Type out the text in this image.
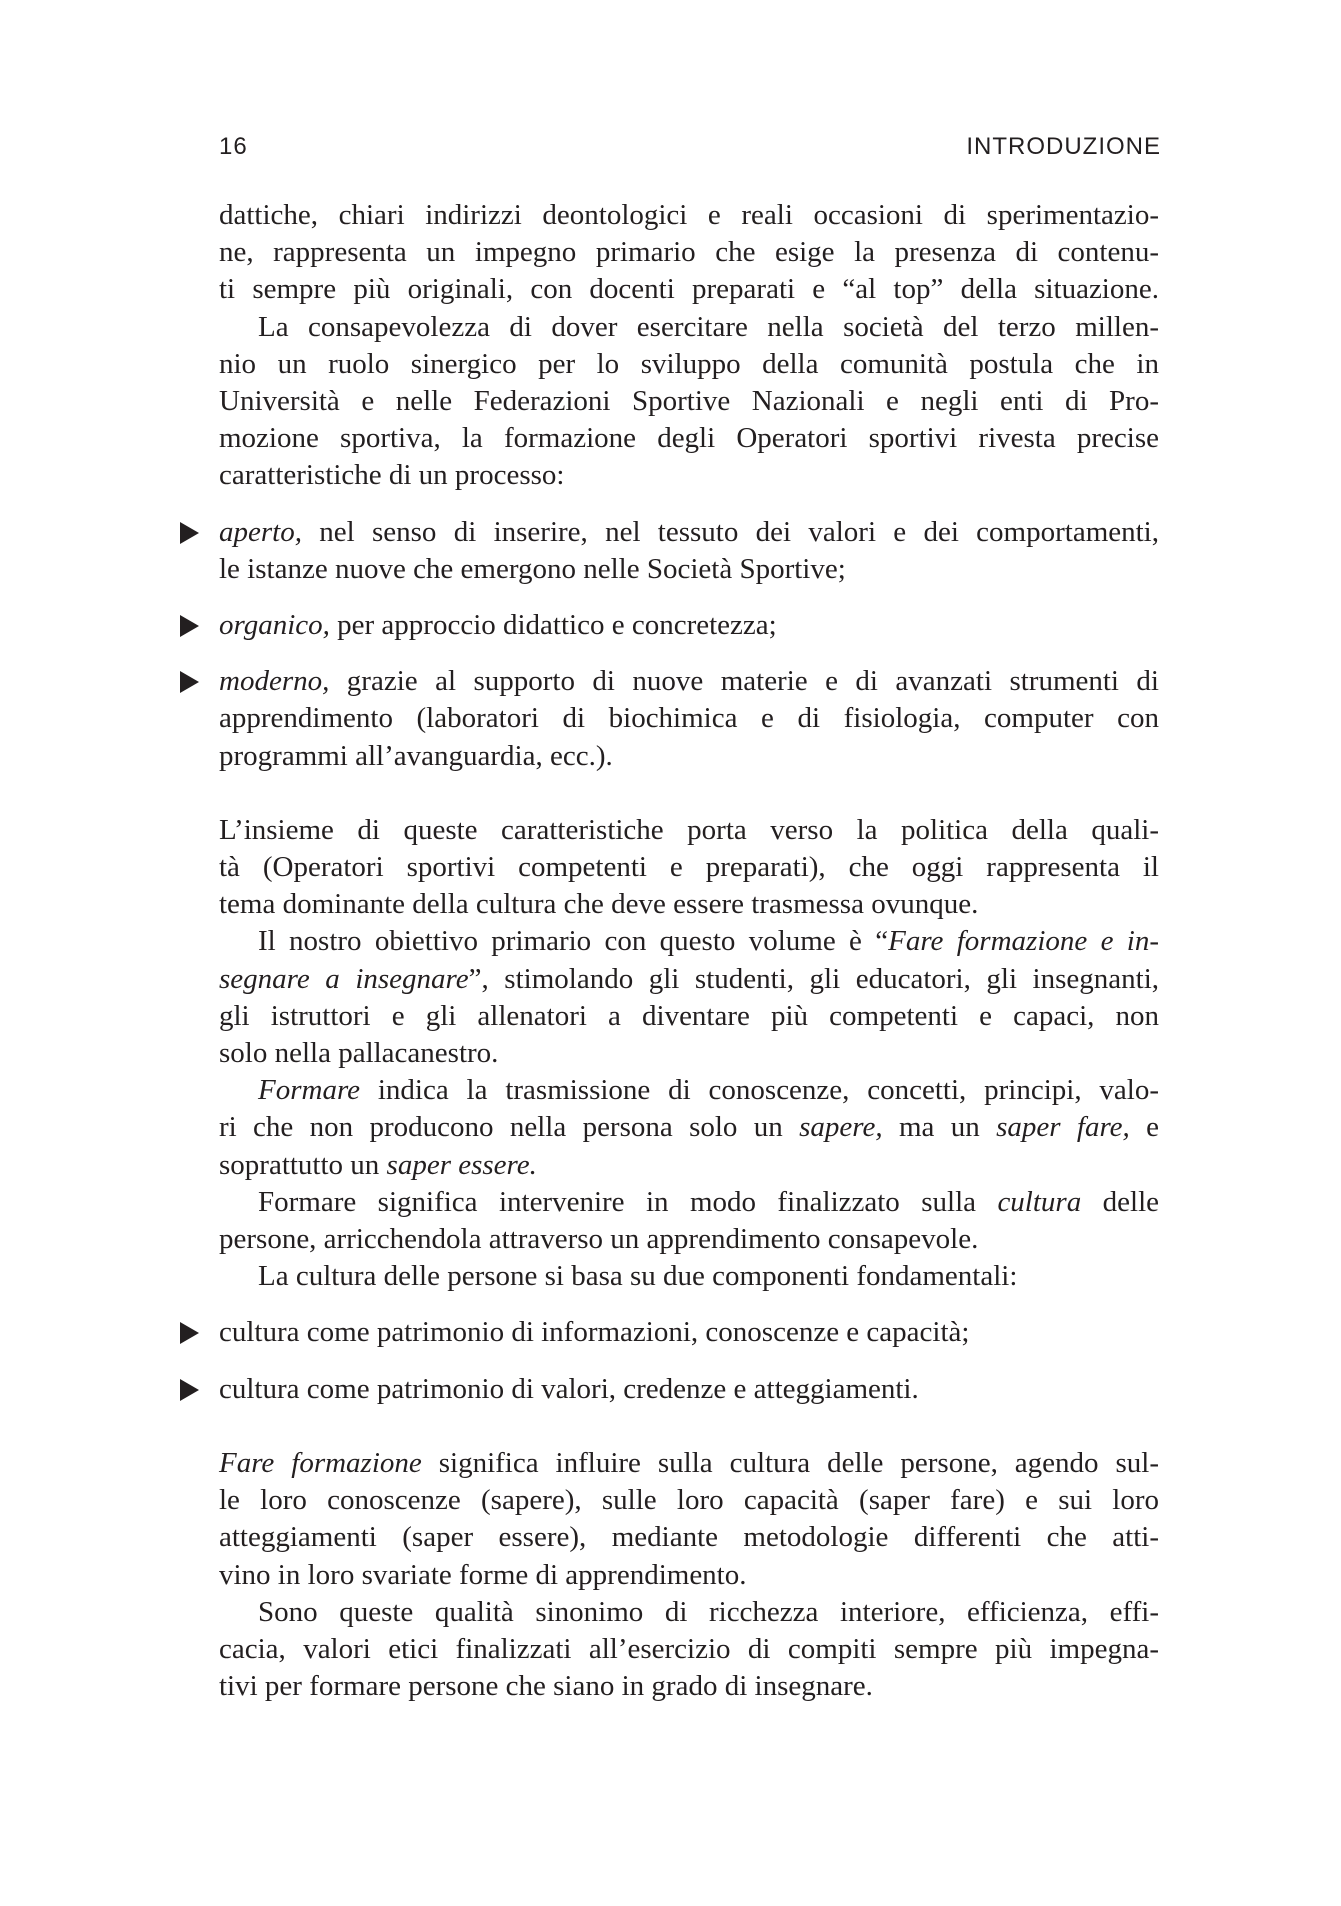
16	INTRODUZIONE

dattiche, chiari indirizzi deontologici e reali occasioni di sperimentazio-
ne, rappresenta un impegno primario che esige la presenza di contenu-
ti sempre più originali, con docenti preparati e “al top” della situazione.

La consapevolezza di dover esercitare nella società del terzo millen-
nio un ruolo sinergico per lo sviluppo della comunità postula che in
Università e nelle Federazioni Sportive Nazionali e negli enti di Pro-
mozione sportiva, la formazione degli Operatori sportivi rivesta precise
caratteristiche di un processo:

aperto, nel senso di inserire, nel tessuto dei valori e dei comportamenti,
le istanze nuove che emergono nelle Società Sportive;
organico, per approccio didattico e concretezza;
moderno, grazie al supporto di nuove materie e di avanzati strumenti di
apprendimento (laboratori di biochimica e di fisiologia, computer con
programmi all’avanguardia, ecc.).

L’insieme di queste caratteristiche porta verso la politica della quali-
tà (Operatori sportivi competenti e preparati), che oggi rappresenta il
tema dominante della cultura che deve essere trasmessa ovunque.

Il nostro obiettivo primario con questo volume è “Fare formazione e in-
segnare a insegnare”, stimolando gli studenti, gli educatori, gli insegnanti,
gli istruttori e gli allenatori a diventare più competenti e capaci, non
solo nella pallacanestro.

Formare indica la trasmissione di conoscenze, concetti, principi, valo-
ri che non producono nella persona solo un sapere, ma un saper fare, e
soprattutto un saper essere.

Formare significa intervenire in modo finalizzato sulla cultura delle
persone, arricchendola attraverso un apprendimento consapevole.

La cultura delle persone si basa su due componenti fondamentali:

cultura come patrimonio di informazioni, conoscenze e capacità;
cultura come patrimonio di valori, credenze e atteggiamenti.

Fare formazione significa influire sulla cultura delle persone, agendo sul-
le loro conoscenze (sapere), sulle loro capacità (saper fare) e sui loro
atteggiamenti (saper essere), mediante metodologie differenti che atti-
vino in loro svariate forme di apprendimento.

Sono queste qualità sinonimo di ricchezza interiore, efficienza, effi-
cacia, valori etici finalizzati all’esercizio di compiti sempre più impegna-
tivi per formare persone che siano in grado di insegnare.
